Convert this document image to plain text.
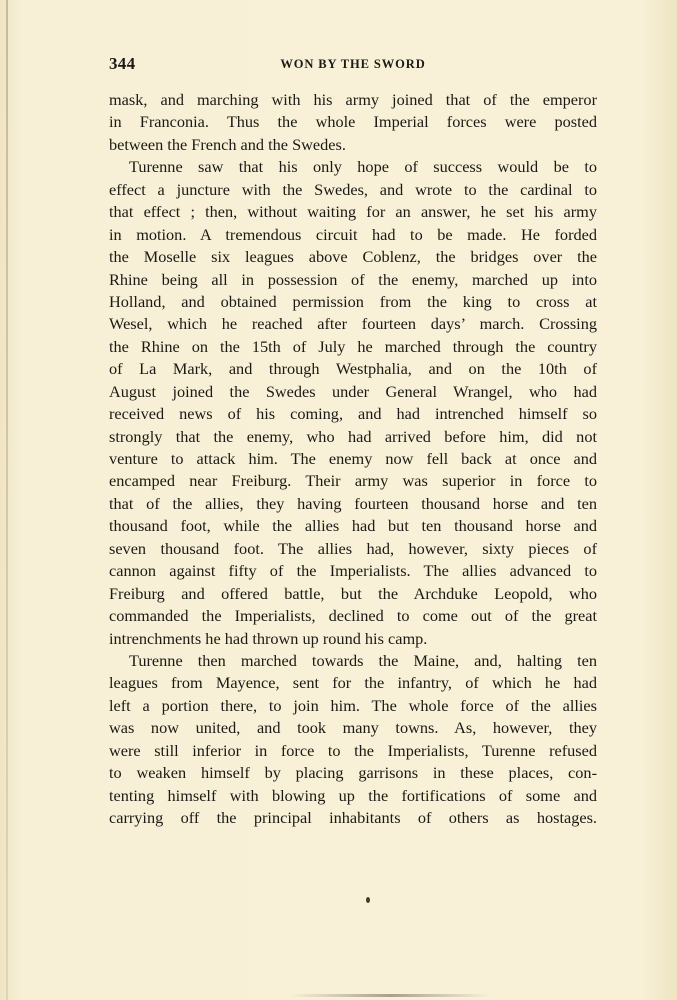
344	WON BY THE SWORD
mask, and marching with his army joined that of the emperor
in Franconia. Thus the whole Imperial forces were posted
between the French and the Swedes.
Turenne saw that his only hope of success would be to
effect a juncture with the Swedes, and wrote to the cardinal to
that effect ; then, without waiting for an answer, he set his army
in motion. A tremendous circuit had to be made. He forded
the Moselle six leagues above Coblenz, the bridges over the
Rhine being all in possession of the enemy, marched up into
Holland, and obtained permission from the king to cross at
Wesel, which he reached after fourteen days’ march. Crossing
the Rhine on the 15th of July he marched through the country
of La Mark, and through Westphalia, and on the 10th of
August joined the Swedes under General Wrangel, who had
received news of his coming, and had intrenched himself so
strongly that the enemy, who had arrived before him, did not
venture to attack him. The enemy now fell back at once and
encamped near Freiburg. Their army was superior in force to
that of the allies, they having fourteen thousand horse and ten
thousand foot, while the allies had but ten thousand horse and
seven thousand foot. The allies had, however, sixty pieces of
cannon against fifty of the Imperialists. The allies advanced to
Freiburg and offered battle, but the Archduke Leopold, who
commanded the Imperialists, declined to come out of the great
intrenchments he had thrown up round his camp.
Turenne then marched towards the Maine, and, halting ten
leagues from Mayence, sent for the infantry, of which he had
left a portion there, to join him. The whole force of the allies
was now united, and took many towns. As, however, they
were still inferior in force to the Imperialists, Turenne refused
to weaken himself by placing garrisons in these places, con-
tenting himself with blowing up the fortifications of some and
carrying off the principal inhabitants of others as hostages.
